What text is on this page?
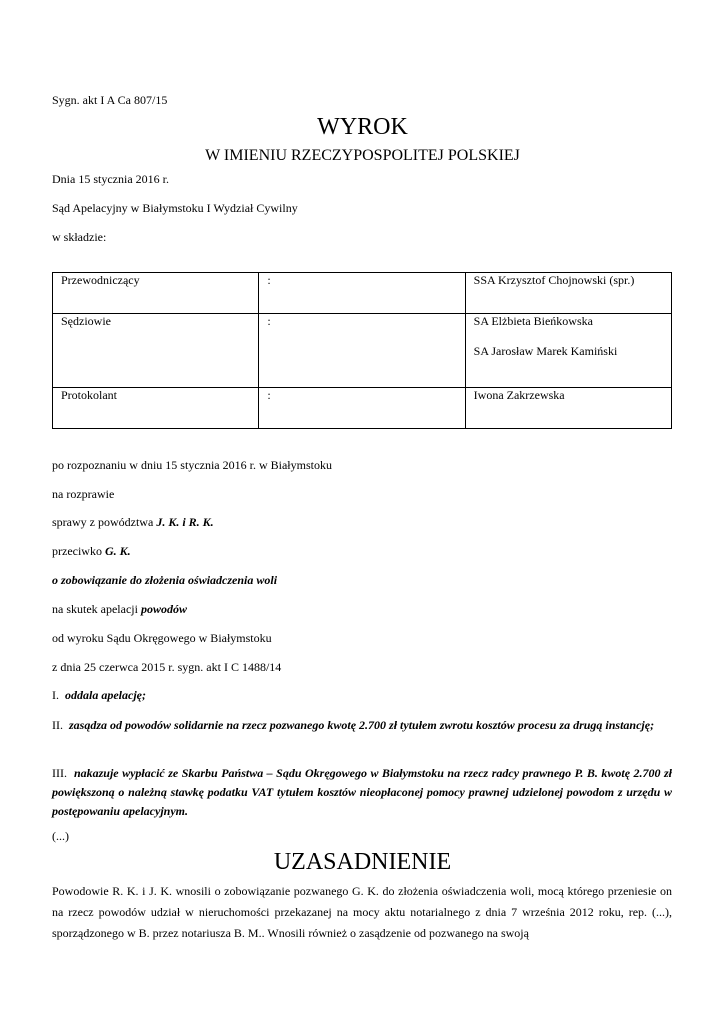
Sygn. akt I A Ca 807/15
WYROK
W IMIENIU RZECZYPOSPOLITEJ POLSKIEJ
Dnia 15 stycznia 2016 r.
Sąd Apelacyjny w Białymstoku I Wydział Cywilny
w składzie:
Przewodniczący	:	SSA Krzysztof Chojnowski (spr.)
Sędziowie	:	SA Elżbieta Bieńkowska
SA Jarosław Marek Kamiński

Protokolant	:	Iwona Zakrzewska
po rozpoznaniu w dniu 15 stycznia 2016 r. w Białymstoku
na rozprawie
sprawy z powództwa J. K. i R. K.
przeciwko G. K.
o zobowiązanie do złożenia oświadczenia woli
na skutek apelacji powodów
od wyroku Sądu Okręgowego w Białymstoku
z dnia 25 czerwca 2015 r. sygn. akt I C 1488/14
I. oddala apelację;
II. zasądza od powodów solidarnie na rzecz pozwanego kwotę 2.700 zł tytułem zwrotu kosztów procesu za drugą instancję;
III. nakazuje wypłacić ze Skarbu Państwa – Sądu Okręgowego w Białymstoku na rzecz radcy prawnego P. B. kwotę 2.700 zł powiększoną o należną stawkę podatku VAT tytułem kosztów nieopłaconej pomocy prawnej udzielonej powodom z urzędu w postępowaniu apelacyjnym.
(...)
UZASADNIENIE
Powodowie R. K. i J. K. wnosili o zobowiązanie pozwanego G. K. do złożenia oświadczenia woli, mocą którego przeniesie on na rzecz powodów udział w nieruchomości przekazanej na mocy aktu notarialnego z dnia 7 września 2012 roku, rep. (...), sporządzonego w B. przez notariusza B. M.. Wnosili również o zasądzenie od pozwanego na swoją
